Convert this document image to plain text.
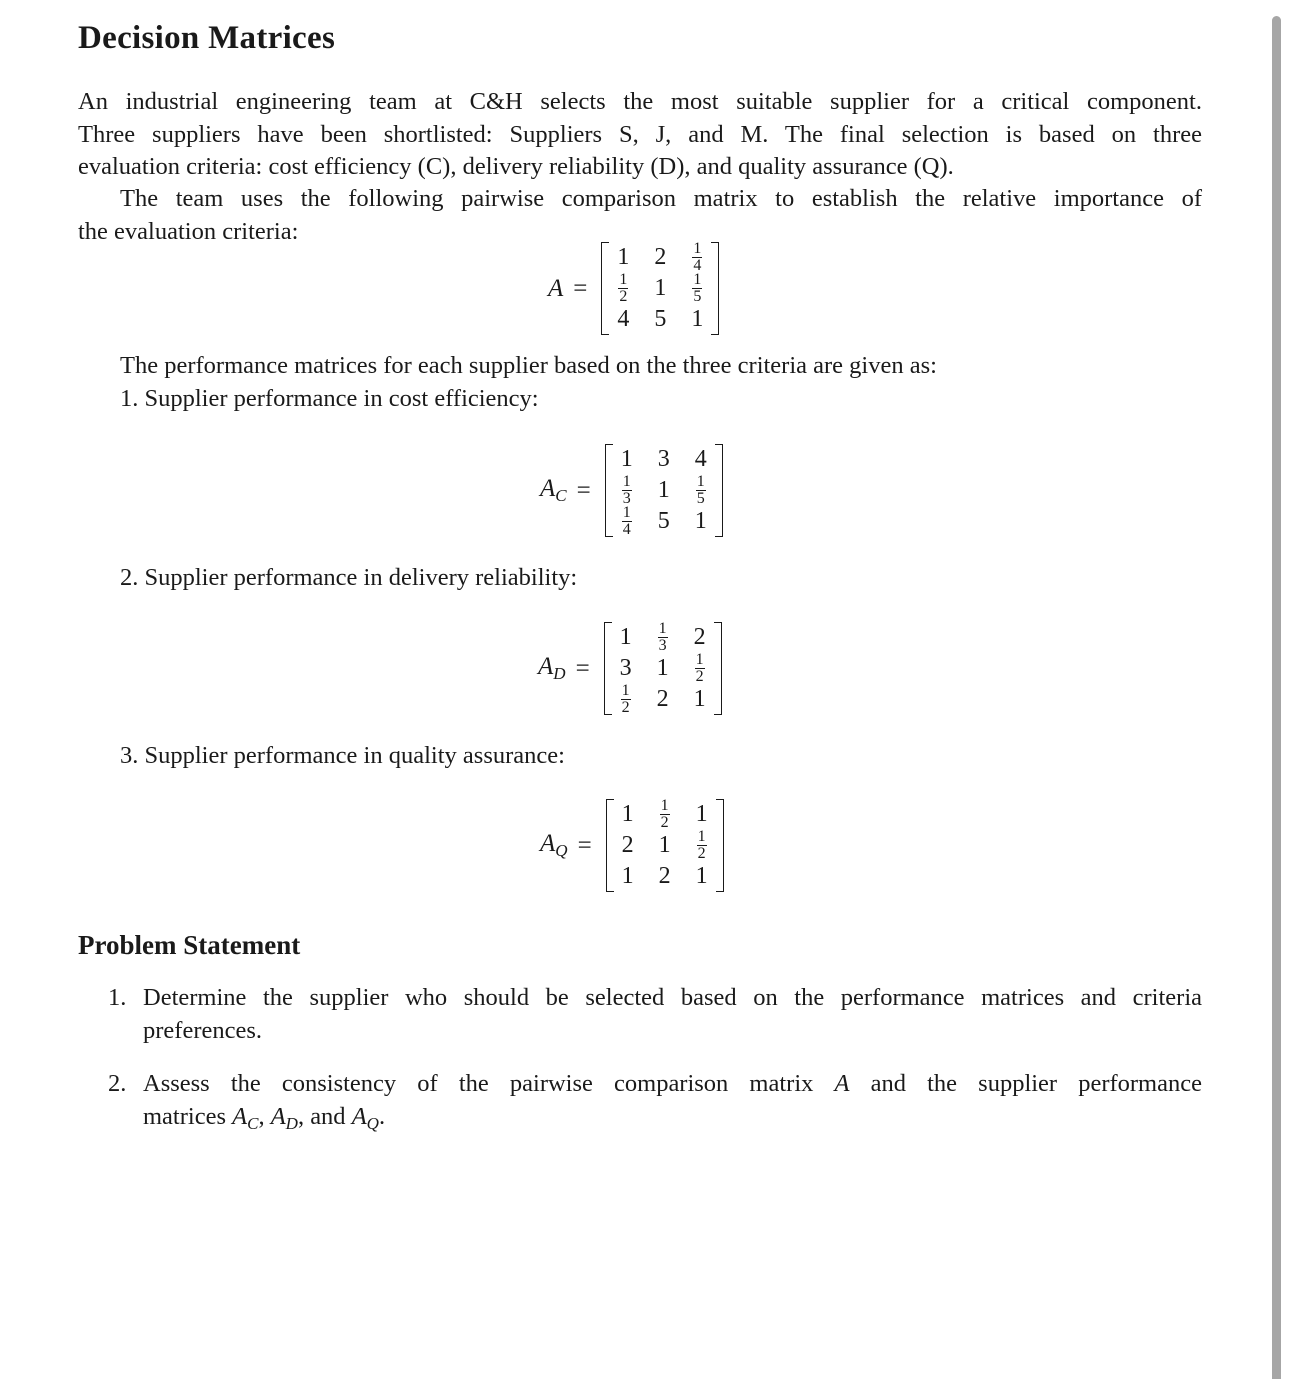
Decision Matrices
An industrial engineering team at C&H selects the most suitable supplier for a critical component.
Three suppliers have been shortlisted: Suppliers S, J, and M. The final selection is based on three
evaluation criteria: cost efficiency (C), delivery reliability (D), and quality assurance (Q).
The team uses the following pairwise comparison matrix to establish the relative importance of
the evaluation criteria:
A =
1	2	$\frac{1}{4}$
$\frac{1}{2}$	1	$\frac{1}{5}$
4	5	1
The performance matrices for each supplier based on the three criteria are given as:
1. Supplier performance in cost efficiency:
$A_C$ =
1	3	4
$\frac{1}{3}$	1	$\frac{1}{5}$
$\frac{1}{4}$	5	1
2. Supplier performance in delivery reliability:
$A_D$ =
1	$\frac{1}{3}$	2
3	1	$\frac{1}{2}$
$\frac{1}{2}$	2	1
3. Supplier performance in quality assurance:
$A_Q$ =
1	$\frac{1}{2}$	1
2	1	$\frac{1}{2}$
1	2	1
Problem Statement
1. Determine the supplier who should be selected based on the performance matrices and criteria
preferences.
2. Assess the consistency of the pairwise comparison matrix A and the supplier performance
matrices $A_C$, $A_D$, and $A_Q$.
